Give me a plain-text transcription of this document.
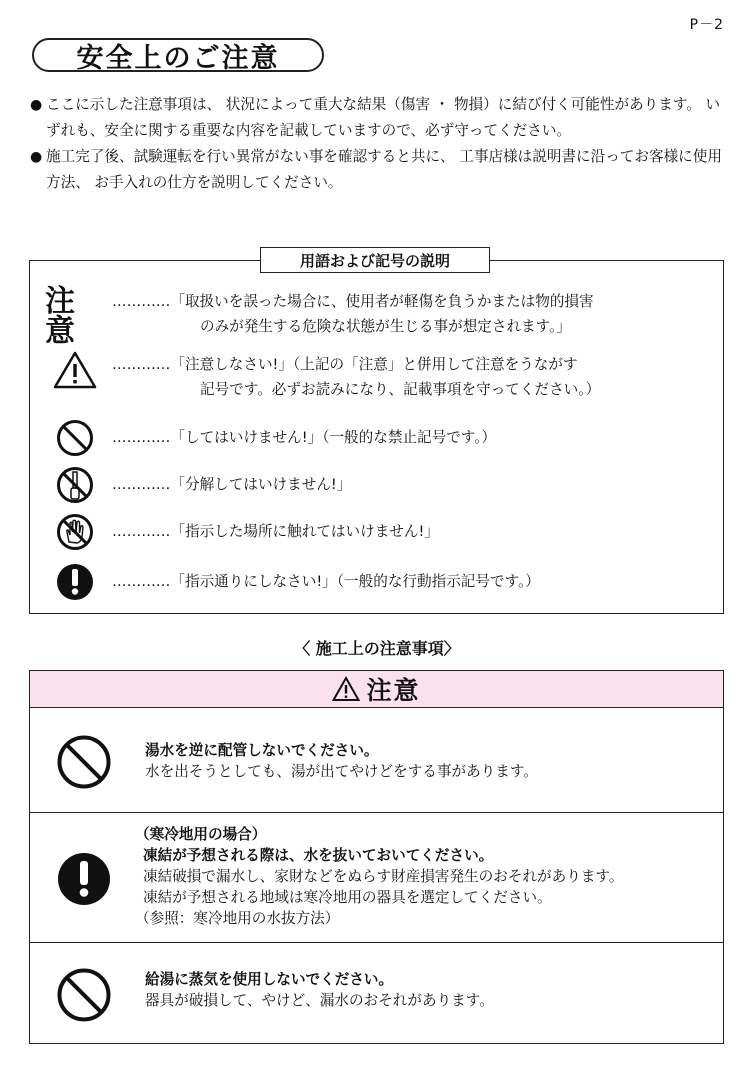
P－2
安全上のご注意

● ここに示した注意事項は、 状況によって重大な結果（傷害 ・ 物損）に結び付く可能性があります。 いずれも、安全に関する重要な内容を記載していますので、必ず守ってください。

● 施工完了後、試験運転を行い異常がない事を確認すると共に、 工事店様は説明書に沿ってお客様に使用方法、 お手入れの仕方を説明してください。

用語および記号の説明
注意
…………「取扱いを誤った場合に、使用者が軽傷を負うかまたは物的損害
のみが発生する危険な状態が生じる事が想定されます。」
…………「注意しなさい!」（上記の「注意」と併用して注意をうながす
記号です。必ずお読みになり、記載事項を守ってください。）
…………「してはいけません!」（一般的な禁止記号です。）
…………「分解してはいけません!」
…………「指示した場所に触れてはいけません!」
…………「指示通りにしなさい!」（一般的な行動指示記号です。）
〈 施工上の注意事項〉
注意
湯水を逆に配管しないでください。
水を出そうとしても、湯が出てやけどをする事があります。
（寒冷地用の場合）
凍結が予想される際は、水を抜いておいてください。
凍結破損で漏水し、家財などをぬらす財産損害発生のおそれがあります。
凍結が予想される地域は寒冷地用の器具を選定してください。
（参照：寒冷地用の水抜方法）
給湯に蒸気を使用しないでください。
器具が破損して、やけど、漏水のおそれがあります。
